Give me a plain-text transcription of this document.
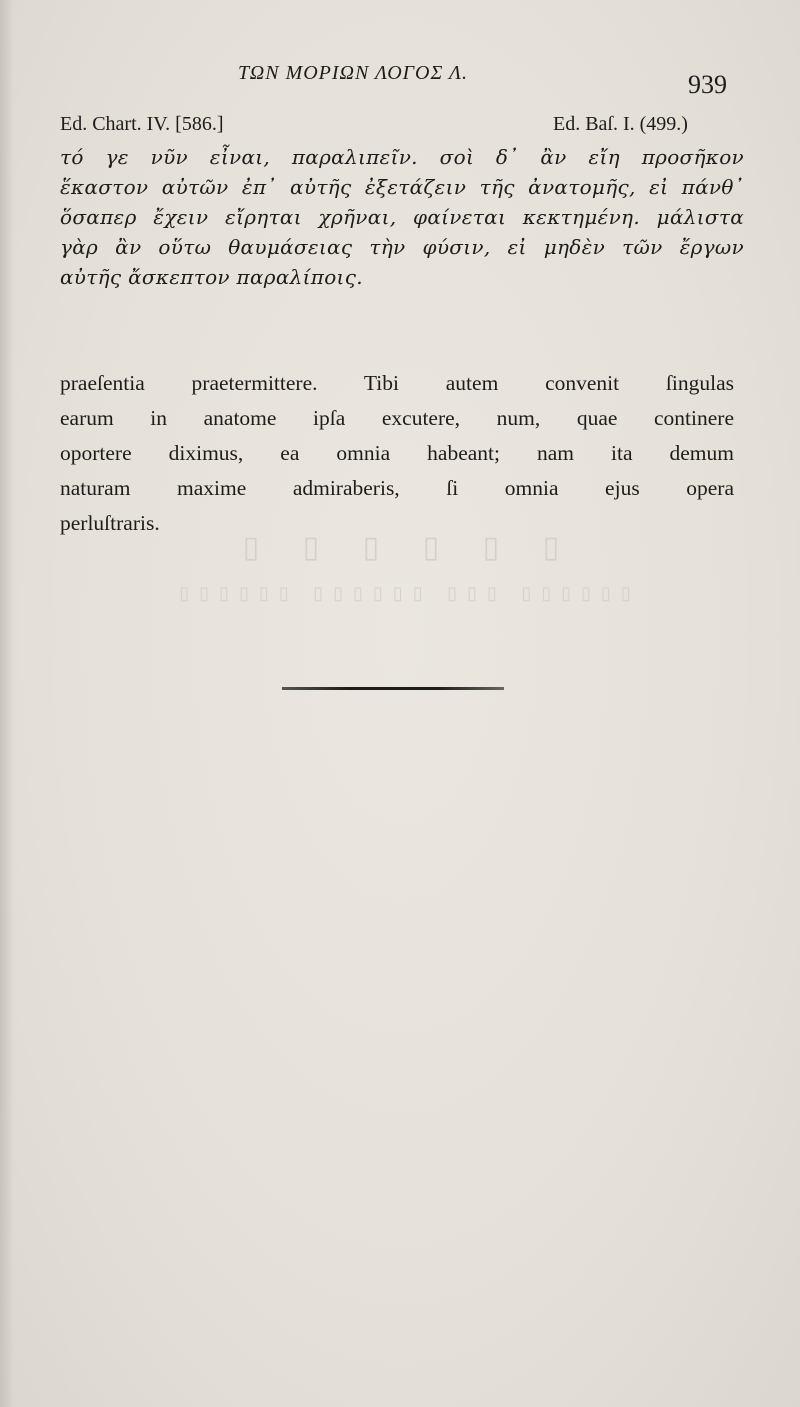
ΤΩΝ ΜΟΡΙΩΝ ΛΟΓΟΣ Λ.	939
Ed. Chart. IV. [586.]	Ed. Baſ. I. (499.)
τό γε νῦν εἶναι, παραλιπεῖν. σοὶ δ᾽ ἂν εἴη προσῆκον
ἕκαστον αὐτῶν ἐπ᾽ αὐτῆς ἐξετάζειν τῆς ἀνατομῆς, εἰ πάνθ᾽
ὅσαπερ ἔχειν εἴρηται χρῆναι, φαίνεται κεκτημένη. μάλιστα
γὰρ ἂν οὕτω θαυμάσειας τὴν φύσιν, εἰ μηδὲν τῶν ἔργων
αὐτῆς ἄσκεπτον παραλίποις.
praeſentia praetermittere. Tibi autem convenit ſingulas
earum in anatome ipſa excutere, num, quae continere
oportere diximus, ea omnia habeant; nam ita demum
naturam maxime admiraberis, ſi omnia ejus opera
perluſtraris.
▯ ▯ ▯ ▯ ▯ ▯
▯▯▯▯▯▯ ▯▯▯▯▯▯ ▯▯▯ ▯▯▯▯▯▯
